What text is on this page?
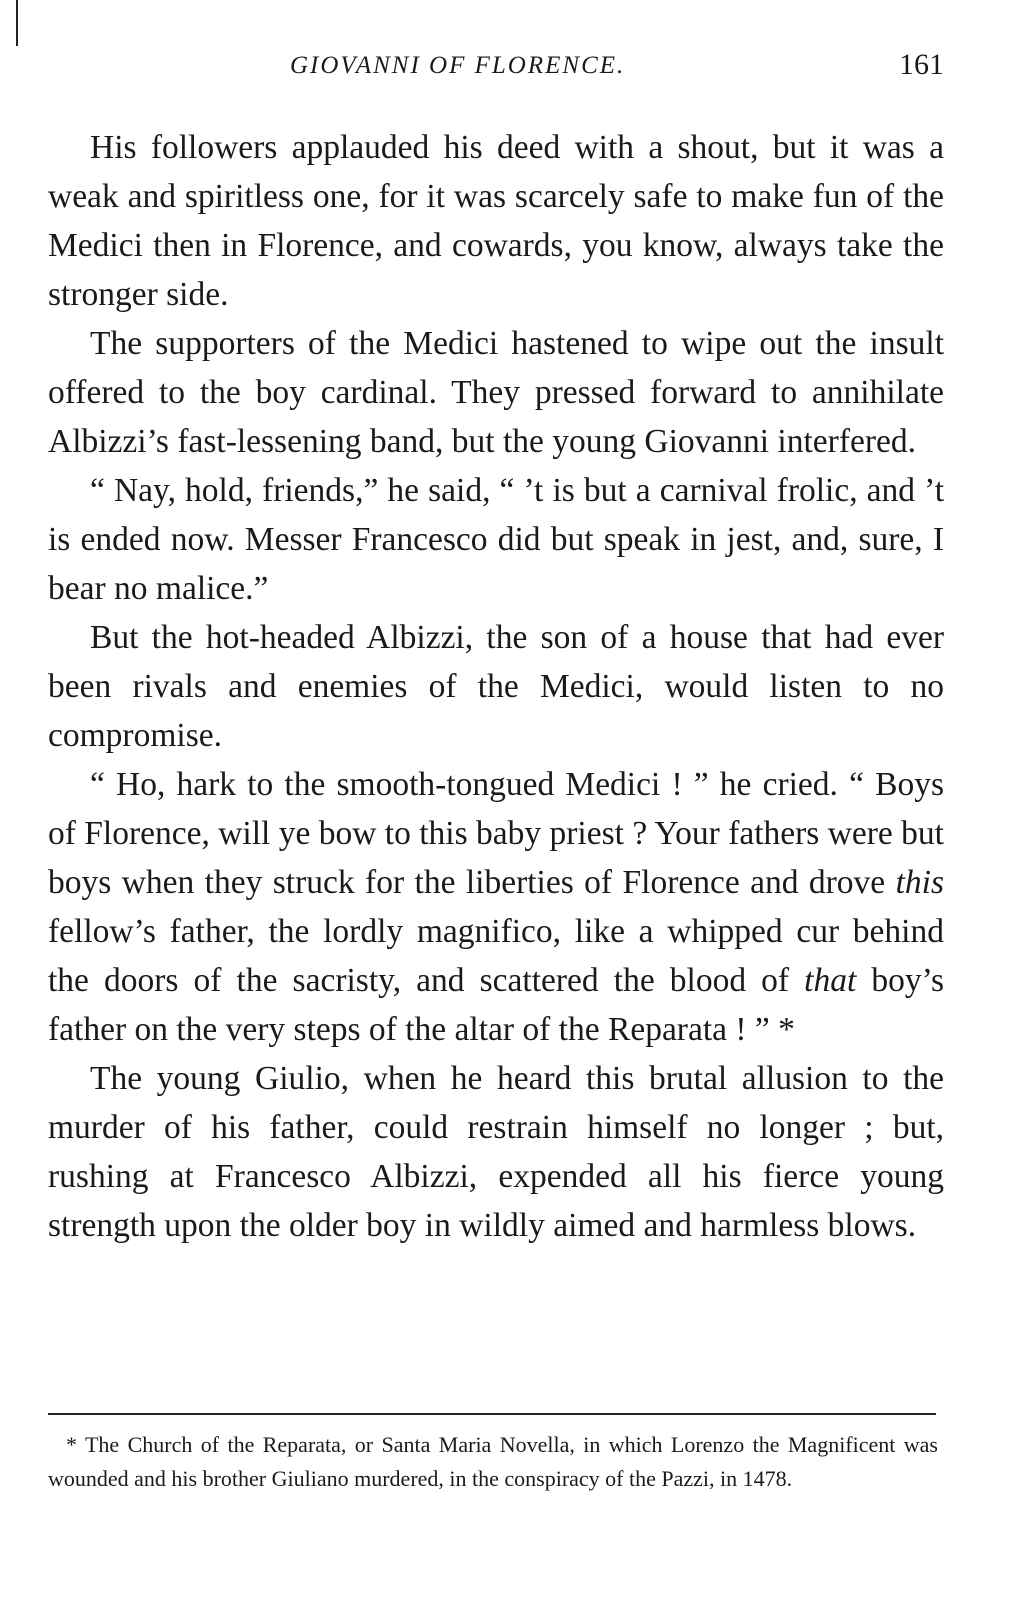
GIOVANNI OF FLORENCE.	161

His followers applauded his deed with a shout, but it was a weak and spiritless one, for it was scarcely safe to make fun of the Medici then in Florence, and cowards, you know, always take the stronger side.

The supporters of the Medici hastened to wipe out the insult offered to the boy cardinal. They pressed forward to annihilate Albizzi’s fast-lessening band, but the young Giovanni interfered.

“ Nay, hold, friends,” he said, “ ’t is but a carnival frolic, and ’t is ended now. Messer Francesco did but speak in jest, and, sure, I bear no malice.”

But the hot-headed Albizzi, the son of a house that had ever been rivals and enemies of the Medici, would listen to no compromise.

“ Ho, hark to the smooth-tongued Medici ! ” he cried. “ Boys of Florence, will ye bow to this baby priest ? Your fathers were but boys when they struck for the liberties of Florence and drove this fellow’s father, the lordly magnifico, like a whipped cur behind the doors of the sacristy, and scattered the blood of that boy’s father on the very steps of the altar of the Reparata ! ” *

The young Giulio, when he heard this brutal allusion to the murder of his father, could restrain himself no longer ; but, rushing at Francesco Albizzi, expended all his fierce young strength upon the older boy in wildly aimed and harmless blows.

* The Church of the Reparata, or Santa Maria Novella, in which Lorenzo the Magnificent was wounded and his brother Giuliano murdered, in the conspiracy of the Pazzi, in 1478.
